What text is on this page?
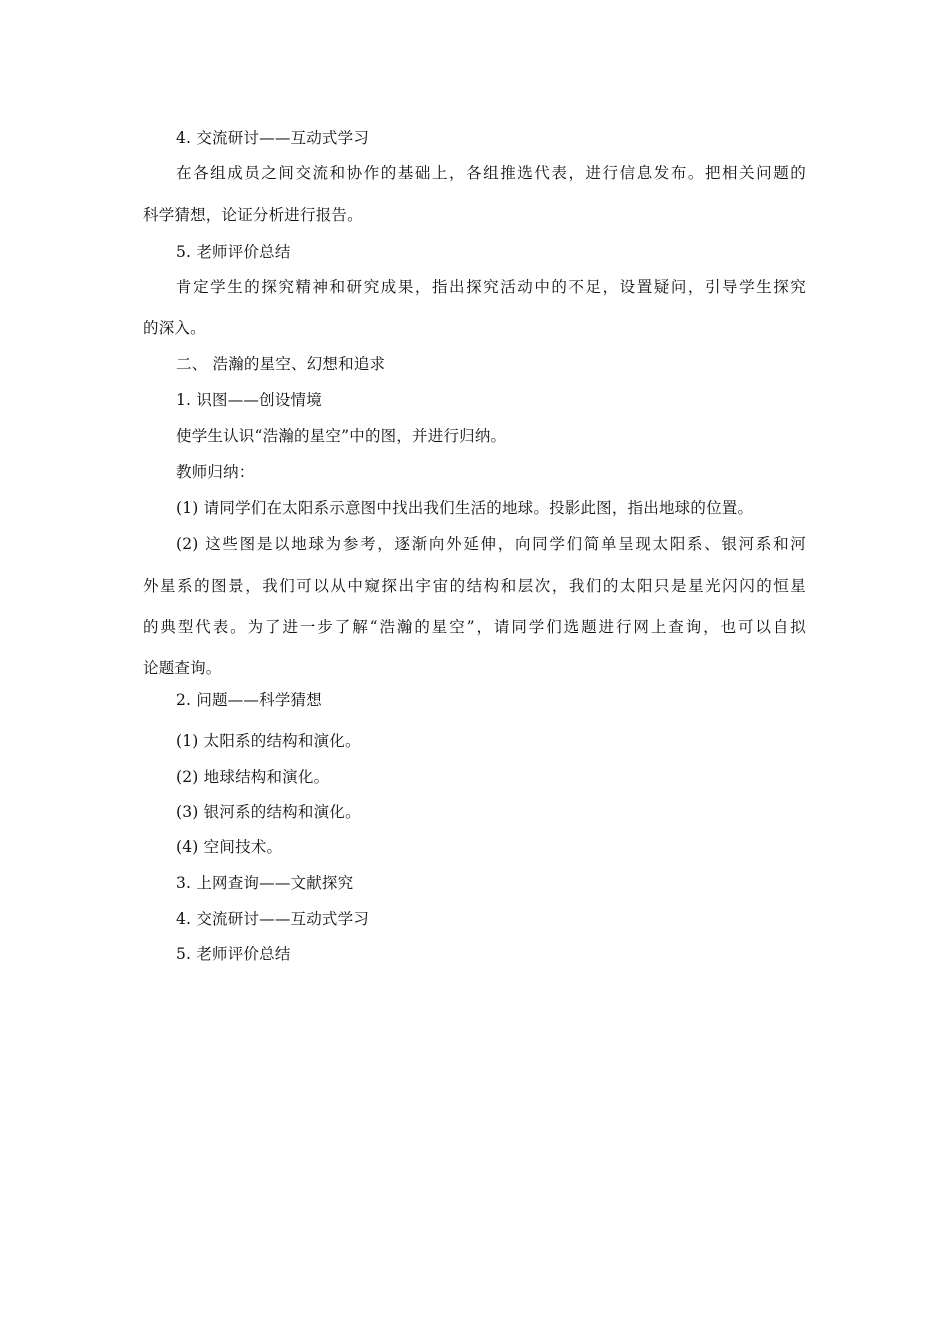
4. 交流研讨——互动式学习
在各组成员之间交流和协作的基础上，各组推选代表，进行信息发布。把相关问题的
科学猜想，论证分析进行报告。
5. 老师评价总结
肯定学生的探究精神和研究成果，指出探究活动中的不足，设置疑问，引导学生探究
的深入。
二、 浩瀚的星空、幻想和追求
1. 识图——创设情境
使学生认识“浩瀚的星空”中的图，并进行归纳。
教师归纳：
(1) 请同学们在太阳系示意图中找出我们生活的地球。投影此图，指出地球的位置。
(2) 这些图是以地球为参考，逐渐向外延伸，向同学们简单呈现太阳系、银河系和河
外星系的图景，我们可以从中窥探出宇宙的结构和层次，我们的太阳只是星光闪闪的恒星
的典型代表。为了进一步了解“浩瀚的星空”，请同学们选题进行网上查询，也可以自拟
论题查询。
2. 问题——科学猜想
(1) 太阳系的结构和演化。
(2) 地球结构和演化。
(3) 银河系的结构和演化。
(4) 空间技术。
3. 上网查询——文献探究
4. 交流研讨——互动式学习
5. 老师评价总结
